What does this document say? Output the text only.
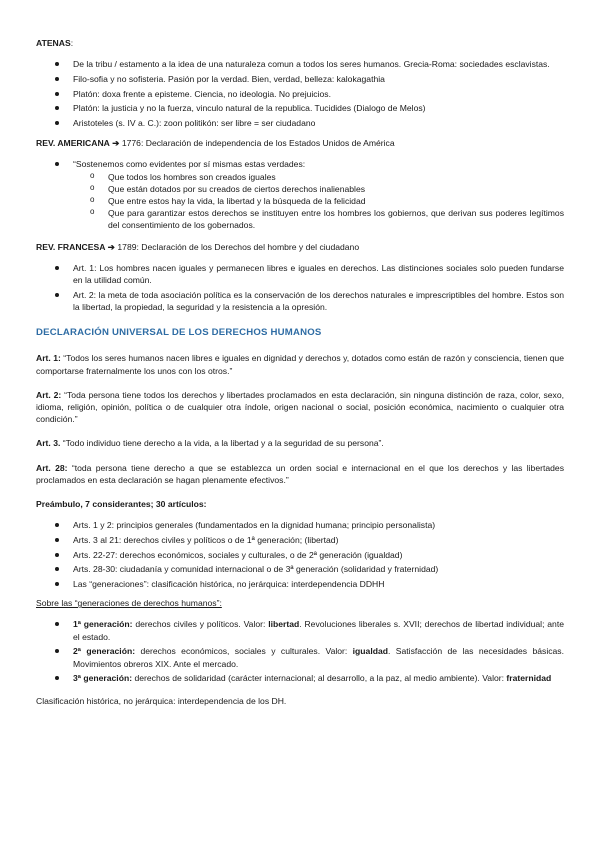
ATENAS:

De la tribu / estamento a la idea de una naturaleza comun a todos los seres humanos. Grecia-Roma: sociedades esclavistas.
Filo-sofia y no sofisteria. Pasión por la verdad. Bien, verdad, belleza: kalokagathia
Platón: doxa frente a episteme. Ciencia, no ideologia. No prejuicios.
Platón: la justicia y no la fuerza, vinculo natural de la republica. Tucidides (Dialogo de Melos)
Aristoteles (s. IV a. C.): zoon politikón: ser libre = ser ciudadano

REV. AMERICANA ➔ 1776: Declaración de independencia de los Estados Unidos de América

“Sostenemos como evidentes por sí mismas estas verdades:
o Que todos los hombres son creados iguales
o Que están dotados por su creados de ciertos derechos inalienables
o Que entre estos hay la vida, la libertad y la búsqueda de la felicidad
o Que para garantizar estos derechos se instituyen entre los hombres los gobiernos, que derivan sus poderes legítimos del consentimiento de los gobernados.

REV. FRANCESA ➔ 1789: Declaración de los Derechos del hombre y del ciudadano

Art. 1: Los hombres nacen iguales y permanecen libres e iguales en derechos. Las distinciones sociales solo pueden fundarse en la utilidad común.
Art. 2: la meta de toda asociación política es la conservación de los derechos naturales e imprescriptibles del hombre. Estos son la libertad, la propiedad, la seguridad y la resistencia a la opresión.

DECLARACIÓN UNIVERSAL DE LOS DERECHOS HUMANOS

Art. 1: “Todos los seres humanos nacen libres e iguales en dignidad y derechos y, dotados como están de razón y consciencia, tienen que comportarse fraternalmente los unos con los otros.”

Art. 2: “Toda persona tiene todos los derechos y libertades proclamados en esta declaración, sin ninguna distinción de raza, color, sexo, idioma, religión, opinión, política o de cualquier otra índole, origen nacional o social, posición económica, nacimiento o cualquier otra condición.”

Art. 3. “Todo individuo tiene derecho a la vida, a la libertad y a la seguridad de su persona”.

Art. 28: “toda persona tiene derecho a que se establezca un orden social e internacional en el que los derechos y las libertades proclamados en esta declaración se hagan plenamente efectivos.”

Preámbulo, 7 considerantes; 30 artículos:

Arts. 1 y 2: principios generales (fundamentados en la dignidad humana; principio personalista)
Arts. 3 al 21: derechos civiles y políticos o de 1ª generación; (libertad)
Arts. 22-27: derechos económicos, sociales y culturales, o de 2ª generación (igualdad)
Arts. 28-30: ciudadanía y comunidad internacional o de 3ª generación (solidaridad y fraternidad)
Las “generaciones”: clasificación histórica, no jerárquica: interdependencia DDHH

Sobre las “generaciones de derechos humanos”:

1ª generación: derechos civiles y políticos. Valor: libertad. Revoluciones liberales s. XVII; derechos de libertad individual; ante el estado.
2ª generación: derechos económicos, sociales y culturales. Valor: igualdad. Satisfacción de las necesidades básicas. Movimientos obreros XIX. Ante el mercado.
3ª generación: derechos de solidaridad (carácter internacional; al desarrollo, a la paz, al medio ambiente). Valor: fraternidad

Clasificación histórica, no jerárquica: interdependencia de los DH.
